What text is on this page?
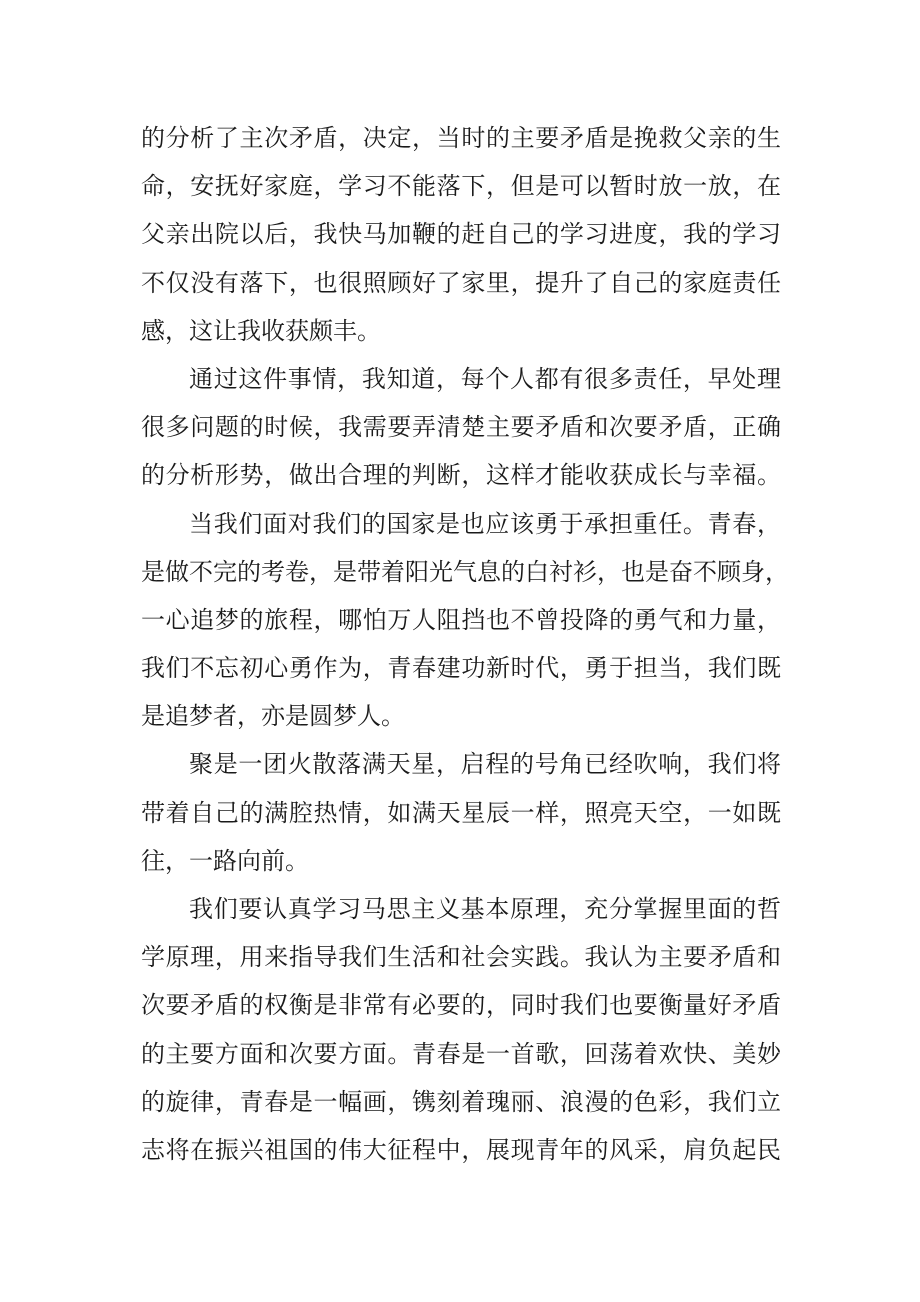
的分析了主次矛盾，决定，当时的主要矛盾是挽救父亲的生
命，安抚好家庭，学习不能落下，但是可以暂时放一放，在
父亲出院以后，我快马加鞭的赶自己的学习进度，我的学习
不仅没有落下，也很照顾好了家里，提升了自己的家庭责任
感，这让我收获颇丰。
通过这件事情，我知道，每个人都有很多责任，早处理
很多问题的时候，我需要弄清楚主要矛盾和次要矛盾，正确
的分析形势，做出合理的判断，这样才能收获成长与幸福。
当我们面对我们的国家是也应该勇于承担重任。青春，
是做不完的考卷，是带着阳光气息的白衬衫，也是奋不顾身，
一心追梦的旅程，哪怕万人阻挡也不曾投降的勇气和力量，
我们不忘初心勇作为，青春建功新时代，勇于担当，我们既
是追梦者，亦是圆梦人。
聚是一团火散落满天星，启程的号角已经吹响，我们将
带着自己的满腔热情，如满天星辰一样，照亮天空，一如既
往，一路向前。
我们要认真学习马思主义基本原理，充分掌握里面的哲
学原理，用来指导我们生活和社会实践。我认为主要矛盾和
次要矛盾的权衡是非常有必要的，同时我们也要衡量好矛盾
的主要方面和次要方面。青春是一首歌，回荡着欢快、美妙
的旋律，青春是一幅画，镌刻着瑰丽、浪漫的色彩，我们立
志将在振兴祖国的伟大征程中，展现青年的风采，肩负起民
